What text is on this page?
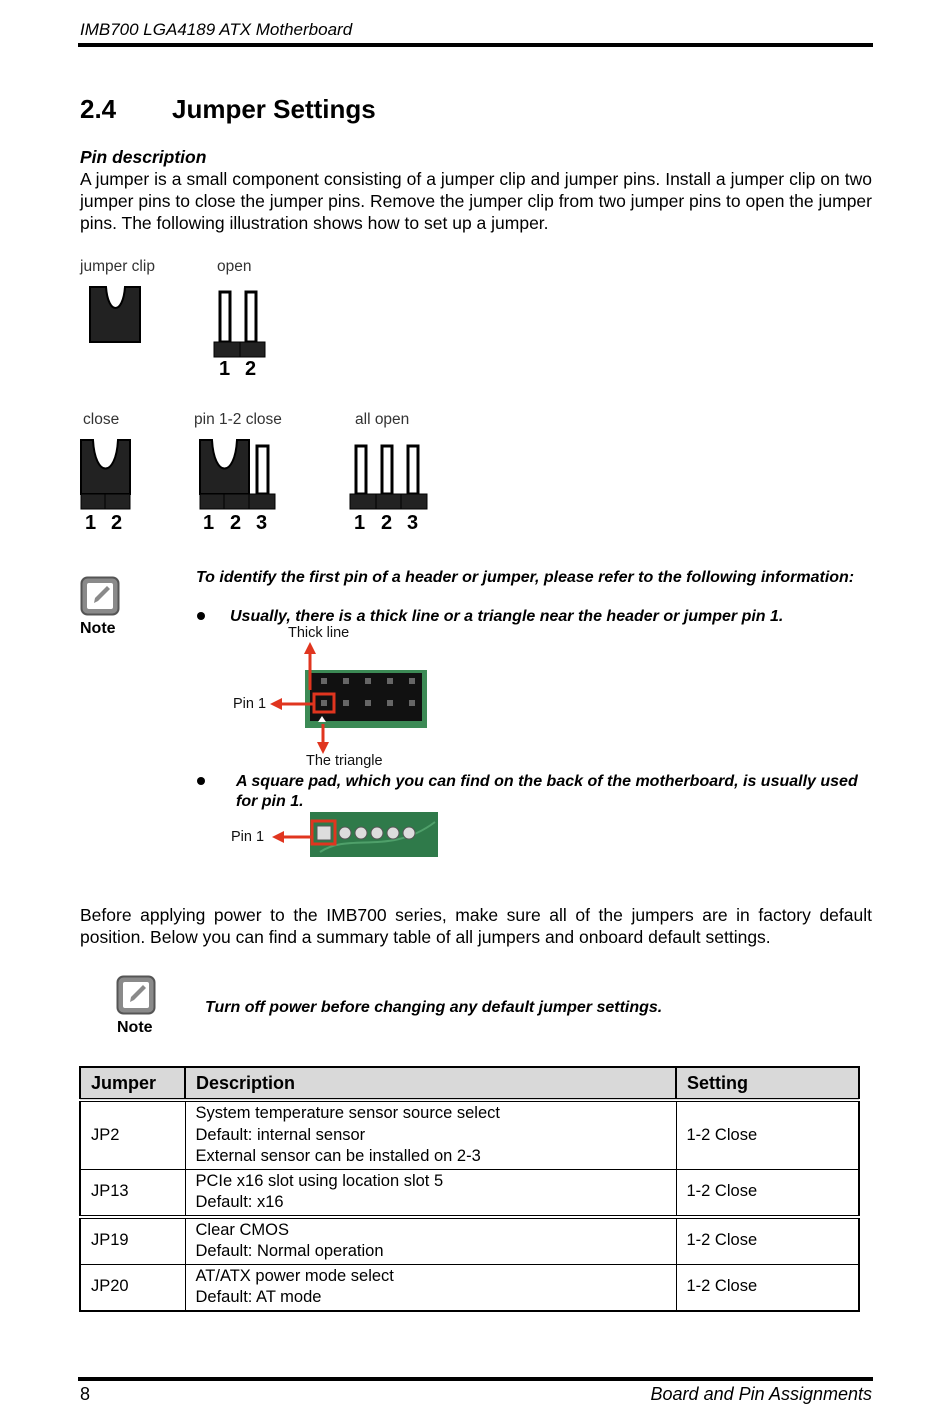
IMB700 LGA4189 ATX Motherboard
2.4 Jumper Settings
Pin description
A jumper is a small component consisting of a jumper clip and jumper pins. Install a jumper clip on two jumper pins to close the jumper pins. Remove the jumper clip from two jumper pins to open the jumper pins. The following illustration shows how to set up a jumper.
jumper clip	open
close	pin 1-2 close	all open
1 2
1 2	1 2 3	1 2 3
Note
To identify the first pin of a header or jumper, please refer to the following information:
Usually, there is a thick line or a triangle near the header or jumper pin 1.
Thick line
Pin 1
The triangle
A square pad, which you can find on the back of the motherboard, is usually used for pin 1.
Pin 1
Before applying power to the IMB700 series, make sure all of the jumpers are in factory default position. Below you can find a summary table of all jumpers and onboard default settings.
Note
Turn off power before changing any default jumper settings.
Jumper	Description	Setting
JP2	System temperature sensor source select
Default: internal sensor
External sensor can be installed on 2-3	1-2 Close
JP13	PCIe x16 slot using location slot 5
Default: x16	1-2 Close
JP19	Clear CMOS
Default: Normal operation	1-2 Close
JP20	AT/ATX power mode select
Default: AT mode	1-2 Close
8	Board and Pin Assignments
